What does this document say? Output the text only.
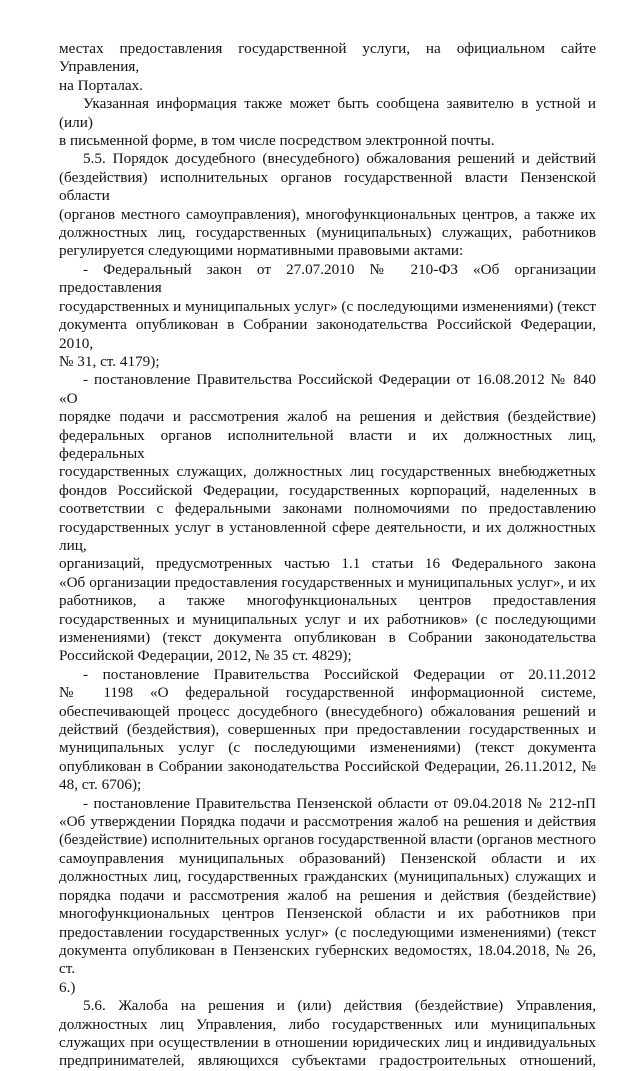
местах предоставления государственной услуги, на официальном сайте Управления,

на Порталах.

Указанная информация также может быть сообщена заявителю в устной и (или)

в письменной форме, в том числе посредством электронной почты.

5.5. Порядок досудебного (внесудебного) обжалования решений и действий

(бездействия) исполнительных органов государственной власти Пензенской области

(органов местного самоуправления), многофункциональных центров, а также их

должностных лиц, государственных (муниципальных) служащих, работников

регулируется следующими нормативными правовыми актами:

- Федеральный закон от 27.07.2010 № 210-ФЗ «Об организации предоставления

государственных и муниципальных услуг» (с последующими изменениями) (текст

документа опубликован в Собрании законодательства Российской Федерации, 2010,

№ 31, ст. 4179);

- постановление Правительства Российской Федерации от 16.08.2012 № 840 «О

порядке подачи и рассмотрения жалоб на решения и действия (бездействие)

федеральных органов исполнительной власти и их должностных лиц, федеральных

государственных служащих, должностных лиц государственных внебюджетных

фондов Российской Федерации, государственных корпораций, наделенных в

соответствии с федеральными законами полномочиями по предоставлению

государственных услуг в установленной сфере деятельности, и их должностных лиц,

организаций, предусмотренных частью 1.1 статьи 16 Федерального закона

«Об организации предоставления государственных и муниципальных услуг», и их

работников, а также многофункциональных центров предоставления

государственных и муниципальных услуг и их работников» (с последующими

изменениями) (текст документа опубликован в Собрании законодательства

Российской Федерации, 2012, № 35 ст. 4829);

- постановление Правительства Российской Федерации от 20.11.2012

№ 1198 «О федеральной государственной информационной системе,

обеспечивающей процесс досудебного (внесудебного) обжалования решений и

действий (бездействия), совершенных при предоставлении государственных и

муниципальных услуг (с последующими изменениями) (текст документа

опубликован в Собрании законодательства Российской Федерации, 26.11.2012, №

48, ст. 6706);

- постановление Правительства Пензенской области от 09.04.2018 № 212-пП

«Об утверждении Порядка подачи и рассмотрения жалоб на решения и действия

(бездействие) исполнительных органов государственной власти (органов местного

самоуправления муниципальных образований) Пензенской области и их

должностных лиц, государственных гражданских (муниципальных) служащих и

порядка подачи и рассмотрения жалоб на решения и действия (бездействие)

многофункциональных центров Пензенской области и их работников при

предоставлении государственных услуг» (с последующими изменениями) (текст

документа опубликован в Пензенских губернских ведомостях, 18.04.2018, № 26, ст.

6.)

5.6. Жалоба на решения и (или) действия (бездействие) Управления,

должностных лиц Управления, либо государственных или муниципальных

служащих при осуществлении в отношении юридических лиц и индивидуальных

предпринимателей, являющихся субъектами градостроительных отношений,
